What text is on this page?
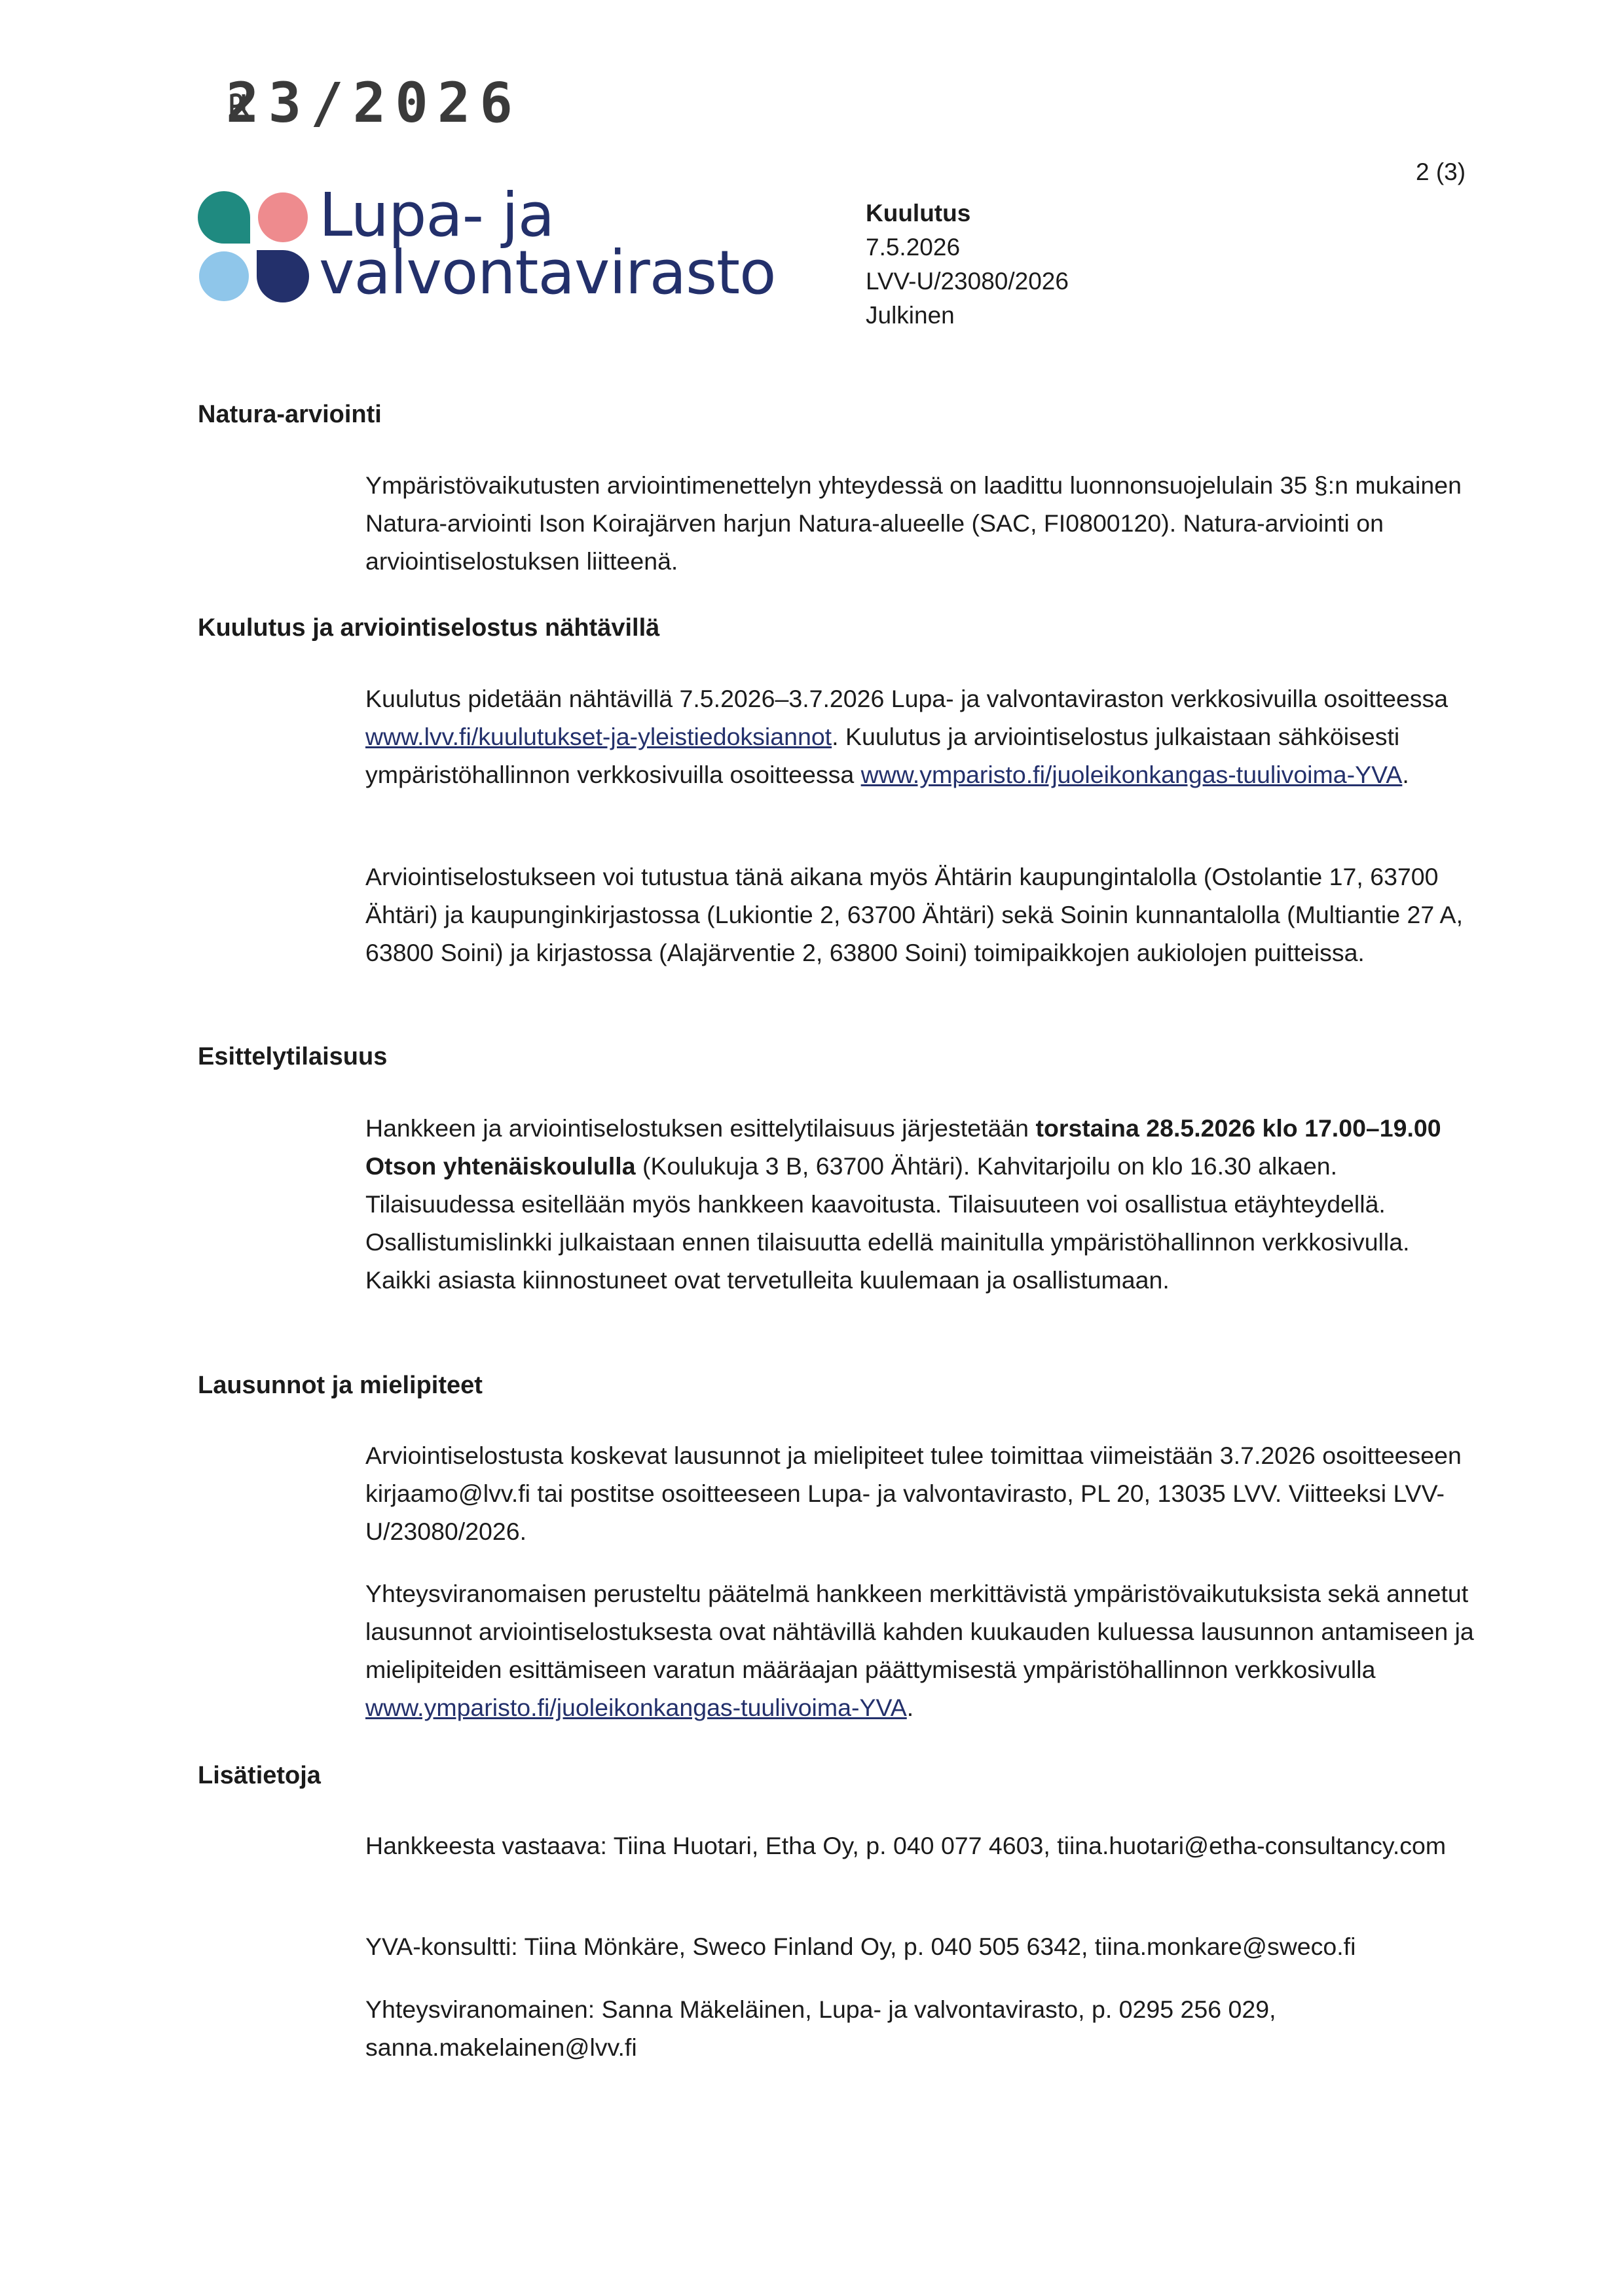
23/2026
Lupa- ja
valvontavirasto
Kuulutus
7.5.2026
LVV-U/23080/2026
Julkinen
2 (3)
Natura-arviointi
Ympäristövaikutusten arviointimenettelyn yhteydessä on laadittu luonnonsuojelulain 35 §:n mukainen Natura-arviointi Ison Koirajärven harjun Natura-alueelle (SAC, FI0800120). Natura-arviointi on arviointiselostuksen liitteenä.
Kuulutus ja arviointiselostus nähtävillä
Kuulutus pidetään nähtävillä 7.5.2026–3.7.2026 Lupa- ja valvontaviraston verkkosivuilla osoitteessa www.lvv.fi/kuulutukset-ja-yleistiedoksiannot. Kuulutus ja arviointiselostus julkaistaan sähköisesti ympäristöhallinnon verkkosivuilla osoitteessa www.ymparisto.fi/juoleikonkangas-tuulivoima-YVA.
Arviointiselostukseen voi tutustua tänä aikana myös Ähtärin kaupungintalolla (Ostolantie 17, 63700 Ähtäri) ja kaupunginkirjastossa (Lukiontie 2, 63700 Ähtäri) sekä Soinin kunnantalolla (Multiantie 27 A, 63800 Soini) ja kirjastossa (Alajärventie 2, 63800 Soini) toimipaikkojen aukiolojen puitteissa.
Esittelytilaisuus
Hankkeen ja arviointiselostuksen esittelytilaisuus järjestetään torstaina 28.5.2026 klo 17.00–19.00 Otson yhtenäiskoululla (Koulukuja 3 B, 63700 Ähtäri). Kahvitarjoilu on klo 16.30 alkaen. Tilaisuudessa esitellään myös hankkeen kaavoitusta. Tilaisuuteen voi osallistua etäyhteydellä. Osallistumislinkki julkaistaan ennen tilaisuutta edellä mainitulla ympäristöhallinnon verkkosivulla. Kaikki asiasta kiinnostuneet ovat tervetulleita kuulemaan ja osallistumaan.
Lausunnot ja mielipiteet
Arviointiselostusta koskevat lausunnot ja mielipiteet tulee toimittaa viimeistään 3.7.2026 osoitteeseen kirjaamo@lvv.fi tai postitse osoitteeseen Lupa- ja valvontavirasto, PL 20, 13035 LVV. Viitteeksi LVV-U/23080/2026.
Yhteysviranomaisen perusteltu päätelmä hankkeen merkittävistä ympäristövaikutuksista sekä annetut lausunnot arviointiselostuksesta ovat nähtävillä kahden kuukauden kuluessa lausunnon antamiseen ja mielipiteiden esittämiseen varatun määräajan päättymisestä ympäristöhallinnon verkkosivulla www.ymparisto.fi/juoleikonkangas-tuulivoima-YVA.
Lisätietoja
Hankkeesta vastaava: Tiina Huotari, Etha Oy, p. 040 077 4603, tiina.huotari@etha-consultancy.com
YVA-konsultti: Tiina Mönkäre, Sweco Finland Oy, p. 040 505 6342, tiina.monkare@sweco.fi
Yhteysviranomainen: Sanna Mäkeläinen, Lupa- ja valvontavirasto, p. 0295 256 029, sanna.makelainen@lvv.fi
